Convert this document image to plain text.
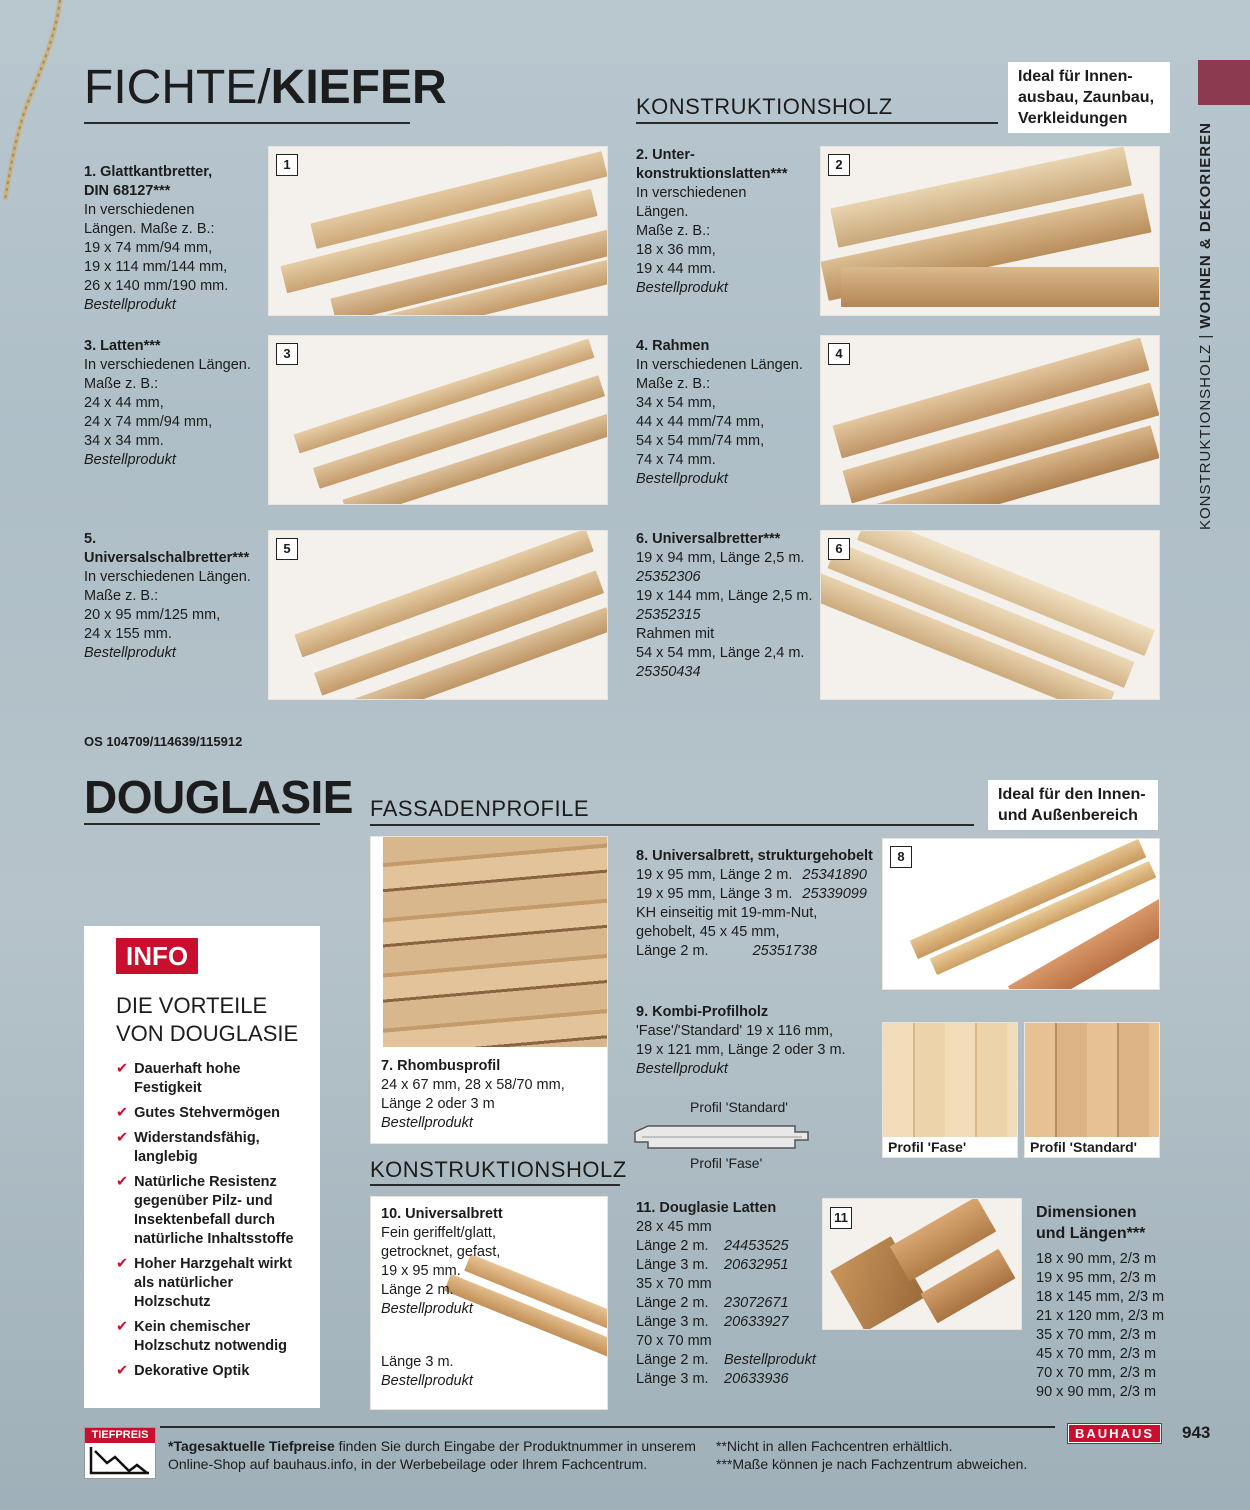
KONSTRUKTIONSHOLZ | WOHNEN & DEKORIEREN
FICHTE/KIEFER	KONSTRUKTIONSHOLZ
Ideal für Innen-
ausbau, Zaunbau,
Verkleidungen
1. Glattkantbretter,
DIN 68127***
In verschiedenen
Längen. Maße z. B.:
19 x 74 mm/94 mm,
19 x 114 mm/144 mm,
26 x 140 mm/190 mm.
Bestellprodukt
2. Unter-
konstruktionslatten***
In verschiedenen
Längen.
Maße z. B.:
18 x 36 mm,
19 x 44 mm.
Bestellprodukt
3. Latten***
In verschiedenen Längen.
Maße z. B.:
24 x 44 mm,
24 x 74 mm/94 mm,
34 x 34 mm.
Bestellprodukt
4. Rahmen
In verschiedenen Längen.
Maße z. B.:
34 x 54 mm,
44 x 44 mm/74 mm,
54 x 54 mm/74 mm,
74 x 74 mm.
Bestellprodukt
5. Universalschalbretter***
In verschiedenen Längen.
Maße z. B.:
20 x 95 mm/125 mm,
24 x 155 mm.
Bestellprodukt
6. Universalbretter***
19 x 94 mm, Länge 2,5 m.
25352306
19 x 144 mm, Länge 2,5 m.
25352315
Rahmen mit
54 x 54 mm, Länge 2,4 m.
25350434
1	2
3	4
5	6
OS 104709/114639/115912
DOUGLASIE FASSADENPROFILE
Ideal für den Innen-
und Außenbereich
INFO
DIE VORTEILE
VON DOUGLASIE
✔ Dauerhaft hohe
Festigkeit
✔ Gutes Stehvermögen
✔ Widerstandsfähig,
langlebig
✔ Natürliche Resistenz
gegenüber Pilz- und
Insektenbefall durch
natürliche Inhaltsstoffe
✔ Hoher Harzgehalt wirkt
als natürlicher
Holzschutz
✔ Kein chemischer
Holzschutz notwendig
✔ Dekorative Optik
7. Rhombusprofil
24 x 67 mm, 28 x 58/70 mm,
Länge 2 oder 3 m
Bestellprodukt
8. Universalbrett, strukturgehobelt
19 x 95 mm, Länge 2 m. 25341890
19 x 95 mm, Länge 3 m. 25339099
KH einseitig mit 19-mm-Nut,
gehobelt, 45 x 45 mm,
Länge 2 m.	25351738
8
9. Kombi-Profilholz
'Fase'/'Standard' 19 x 116 mm,
19 x 121 mm, Länge 2 oder 3 m.
Bestellprodukt
Profil 'Standard'
Profil 'Fase'
Profil 'Fase'	Profil 'Standard'
KONSTRUKTIONSHOLZ
10. Universalbrett
Fein geriffelt/glatt,
getrocknet, gefast,
19 x 95 mm.
Länge 2 m.
Bestellprodukt
Länge 3 m.
Bestellprodukt
11. Douglasie Latten
28 x 45 mm
Länge 2 m. 24453525
Länge 3 m. 20632951
35 x 70 mm
Länge 2 m. 23072671
Länge 3 m. 20633927
70 x 70 mm
Länge 2 m. Bestellprodukt
Länge 3 m. 20633936
11	Dimensionen
und Längen***
18 x 90 mm, 2/3 m
19 x 95 mm, 2/3 m
18 x 145 mm, 2/3 m
21 x 120 mm, 2/3 m
35 x 70 mm, 2/3 m
45 x 70 mm, 2/3 m
70 x 70 mm, 2/3 m
90 x 90 mm, 2/3 m
TIEFPREIS
*Tagesaktuelle Tiefpreise finden Sie durch Eingabe der Produktnummer in unserem
Online-Shop auf bauhaus.info, in der Werbebeilage oder Ihrem Fachcentrum.
**Nicht in allen Fachcentren erhältlich.
***Maße können je nach Fachzentrum abweichen.
BAUHAUS	943
